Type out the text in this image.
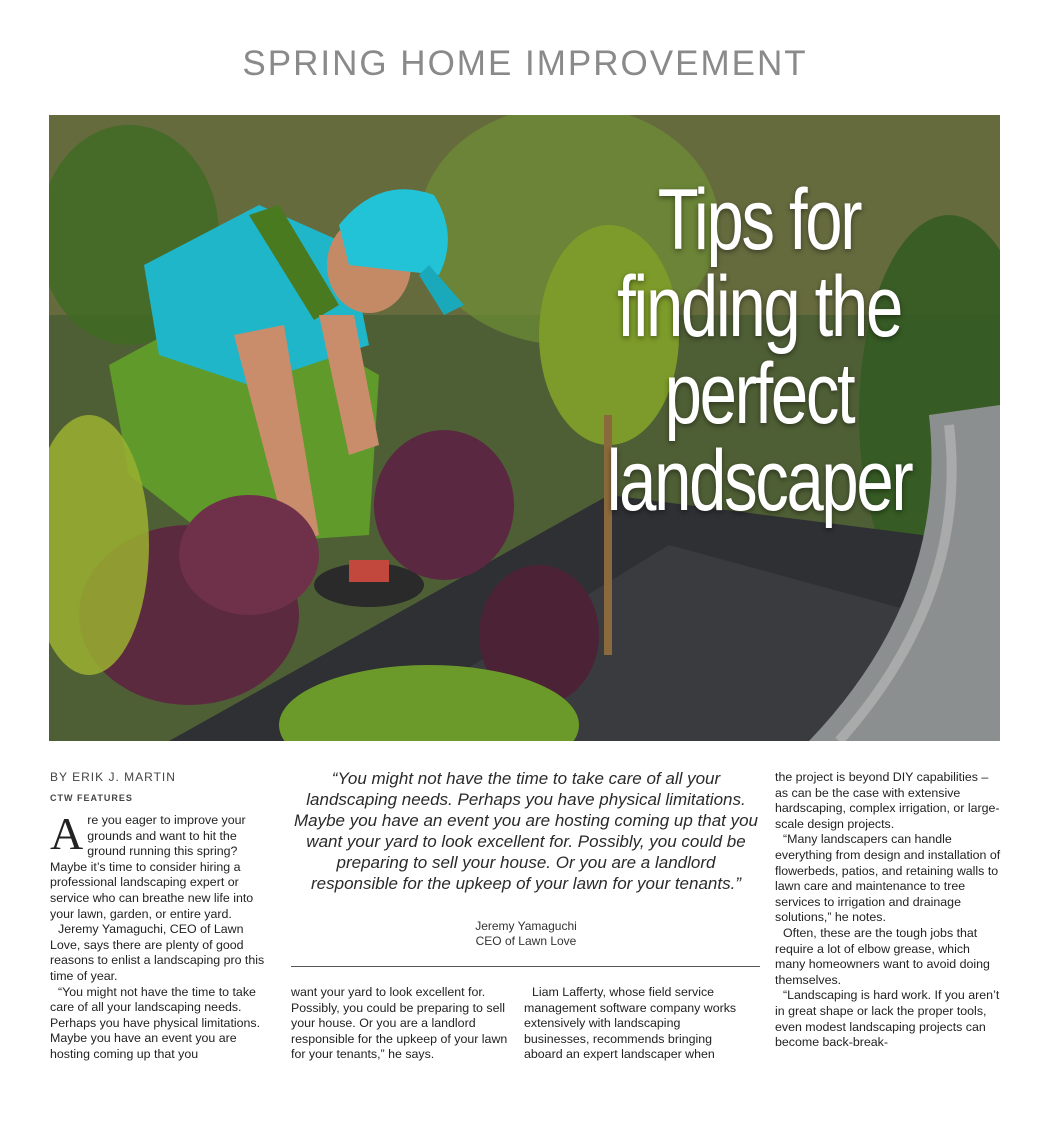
SPRING HOME IMPROVEMENT
Tips for
finding the
perfect
landscaper
BY ERIK J. MARTIN
CTW FEATURES

Are you eager to improve your grounds and want to hit the ground running this spring? Maybe it’s time to consider hiring a professional landscaping expert or service who can breathe new life into your lawn, garden, or entire yard.

Jeremy Yamaguchi, CEO of Lawn Love, says there are plenty of good reasons to enlist a landscaping pro this time of year.

“You might not have the time to take care of all your landscaping needs. Perhaps you have physical limitations. Maybe you have an event you are hosting coming up that you

“You might not have the time to take care of all your landscaping needs. Perhaps you have physical limitations. Maybe you have an event you are hosting coming up that you want your yard to look excellent for. Possibly, you could be preparing to sell your house. Or you are a landlord responsible for the upkeep of your lawn for your tenants.”
Jeremy Yamaguchi
CEO of Lawn Love

want your yard to look excellent for. Possibly, you could be preparing to sell your house. Or you are a landlord responsible for the upkeep of your lawn for your tenants,” he says.

Liam Lafferty, whose field service management software company works extensively with landscaping businesses, recommends bringing aboard an expert landscaper when

the project is beyond DIY capabilities – as can be the case with extensive hardscaping, complex irrigation, or large-scale design projects.

“Many landscapers can handle everything from design and installation of flowerbeds, patios, and retaining walls to lawn care and maintenance to tree services to irrigation and drainage solutions,” he notes.

Often, these are the tough jobs that require a lot of elbow grease, which many homeowners want to avoid doing themselves.

“Landscaping is hard work. If you aren’t in great shape or lack the proper tools, even modest landscaping projects can become back-break-
